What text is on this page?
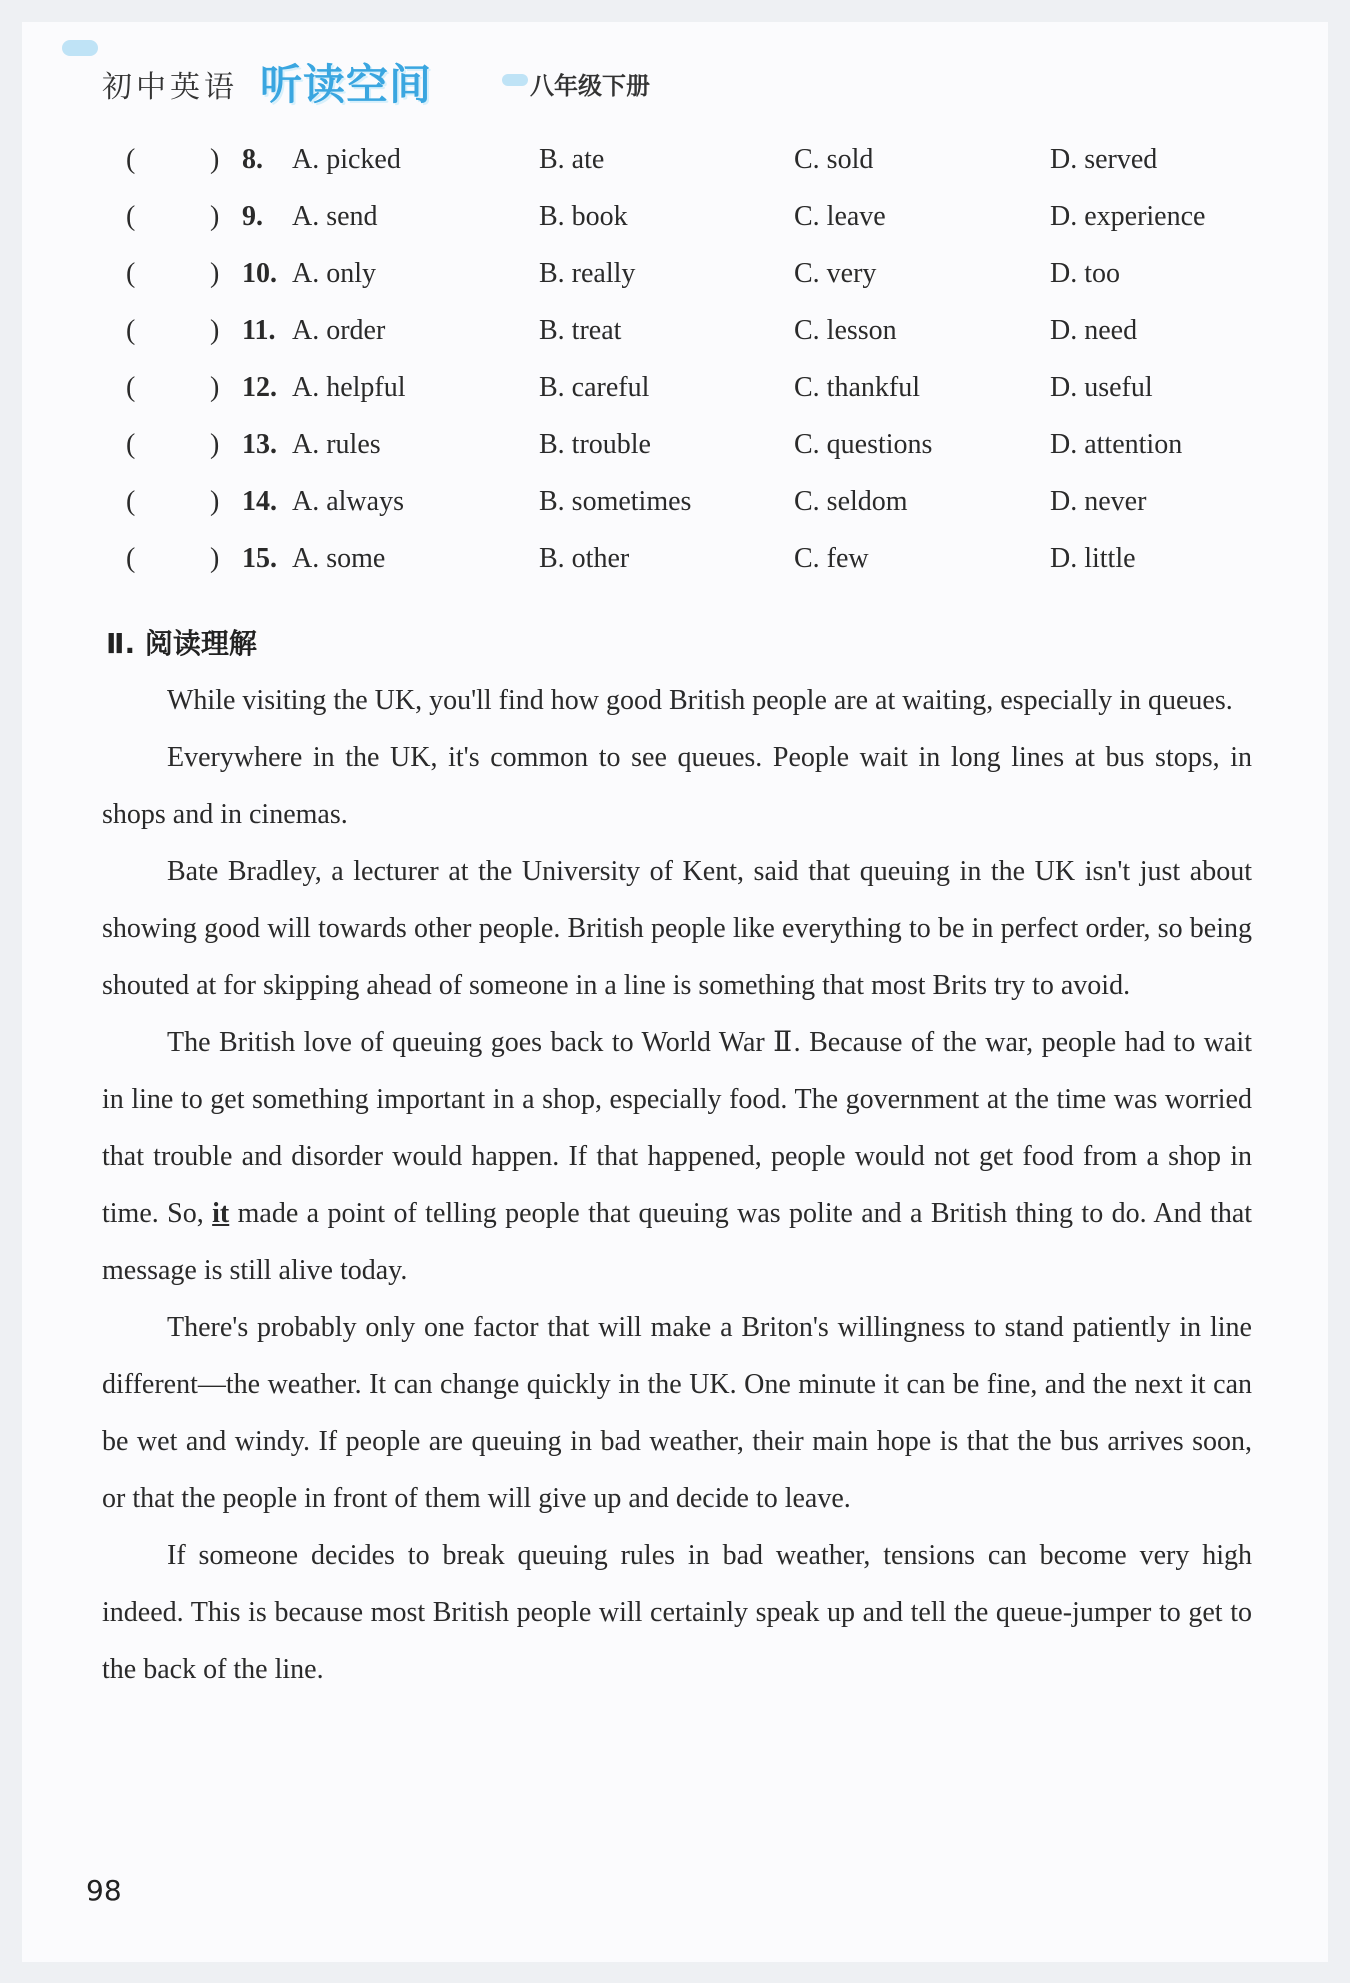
初中英语 听读空间	八年级下册
(	) 8. A. picked	B. ate	C. sold	D. served
(	) 9. A. send	B. book	C. leave	D. experience
(	) 10. A. only	B. really	C. very	D. too
(	) 11. A. order	B. treat	C. lesson	D. need
(	) 12. A. helpful	B. careful	C. thankful	D. useful
(	) 13. A. rules	B. trouble	C. questions	D. attention
(	) 14. A. always	B. sometimes	C. seldom	D. never
(	) 15. A. some	B. other	C. few	D. little
Ⅱ. 阅读理解

While visiting the UK, you'll find how good British people are at waiting, especially in queues.

Everywhere in the UK, it's common to see queues. People wait in long lines at bus stops, in shops and in cinemas.

Bate Bradley, a lecturer at the University of Kent, said that queuing in the UK isn't just about showing good will towards other people. British people like everything to be in perfect order, so being shouted at for skipping ahead of someone in a line is something that most Brits try to avoid.

The British love of queuing goes back to World War Ⅱ. Because of the war, people had to wait in line to get something important in a shop, especially food. The government at the time was worried that trouble and disorder would happen. If that happened, people would not get food from a shop in time. So, it made a point of telling people that queuing was polite and a British thing to do. And that message is still alive today.

There's probably only one factor that will make a Briton's willingness to stand patiently in line different—the weather. It can change quickly in the UK. One minute it can be fine, and the next it can be wet and windy. If people are queuing in bad weather, their main hope is that the bus arrives soon, or that the people in front of them will give up and decide to leave.

If someone decides to break queuing rules in bad weather, tensions can become very high indeed. This is because most British people will certainly speak up and tell the queue-jumper to get to the back of the line.

98
